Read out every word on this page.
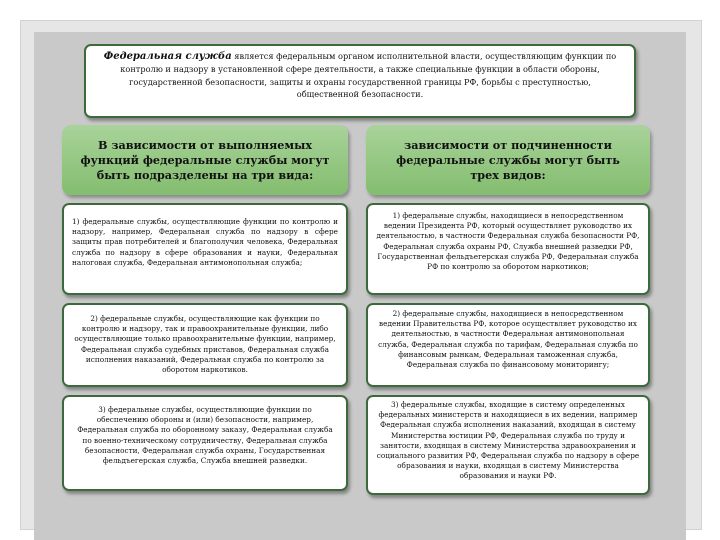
Федеральная служба является федеральным органом исполнительной власти, осуществляющим функции по контролю и надзору в установленной сфере деятельности, а также специальные функции в области обороны, государственной безопасности, защиты и охраны государственной границы РФ, борьбы с преступностью, общественной безопасности.
В зависимости от выполняемых функций федеральные службы могут быть подразделены на три вида:
зависимости от подчиненности федеральные службы могут быть трех видов:
1) федеральные службы, осуществляющие функции по контролю и надзору, например, Федеральная служба по надзору в сфере защиты прав потребителей и благополучия человека, Федеральная служба по надзору в сфере образования и науки, Федеральная налоговая служба, Федеральная антимонопольная служба;
2) федеральные службы, осуществляющие как функции по контролю и надзору, так и правоохранительные функции, либо осуществляющие только правоохранительные функции, например, Федеральная служба судебных приставов, Федеральная служба исполнения наказаний, Федеральная служба по контролю за оборотом наркотиков.
3) федеральные службы, осуществляющие функции по обеспечению обороны и (или) безопасности, например, Федеральная служба по оборонному заказу, Федеральная служба по военно-техническому сотрудничеству, Федеральная служба безопасности, Федеральная служба охраны, Государственная фельдъегерская служба, Служба внешней разведки.
1) федеральные службы, находящиеся в непосредственном ведении Президента РФ, который осуществляет руководство их деятельностью, в частности Федеральная служба безопасности РФ, Федеральная служба охраны РФ, Служба внешней разведки РФ, Государственная фельдъегерская служба РФ, Федеральная служба РФ по контролю за оборотом наркотиков;
2) федеральные службы, находящиеся в непосредственном ведении Правительства РФ, которое осуществляет руководство их деятельностью, в частности Федеральная антимонопольная служба, Федеральная служба по тарифам, Федеральная служба по финансовым рынкам, Федеральная таможенная служба, Федеральная служба по финансовому мониторингу;
3) федеральные службы, входящие в систему определенных федеральных министерств и находящиеся в их ведении, например Федеральная служба исполнения наказаний, входящая в систему Министерства юстиции РФ, Федеральная служба по труду и занятости, входящая в систему Министерства здравоохранения и социального развития РФ, Федеральная служба по надзору в сфере образования и науки, входящая в систему Министерства образования и науки РФ.
